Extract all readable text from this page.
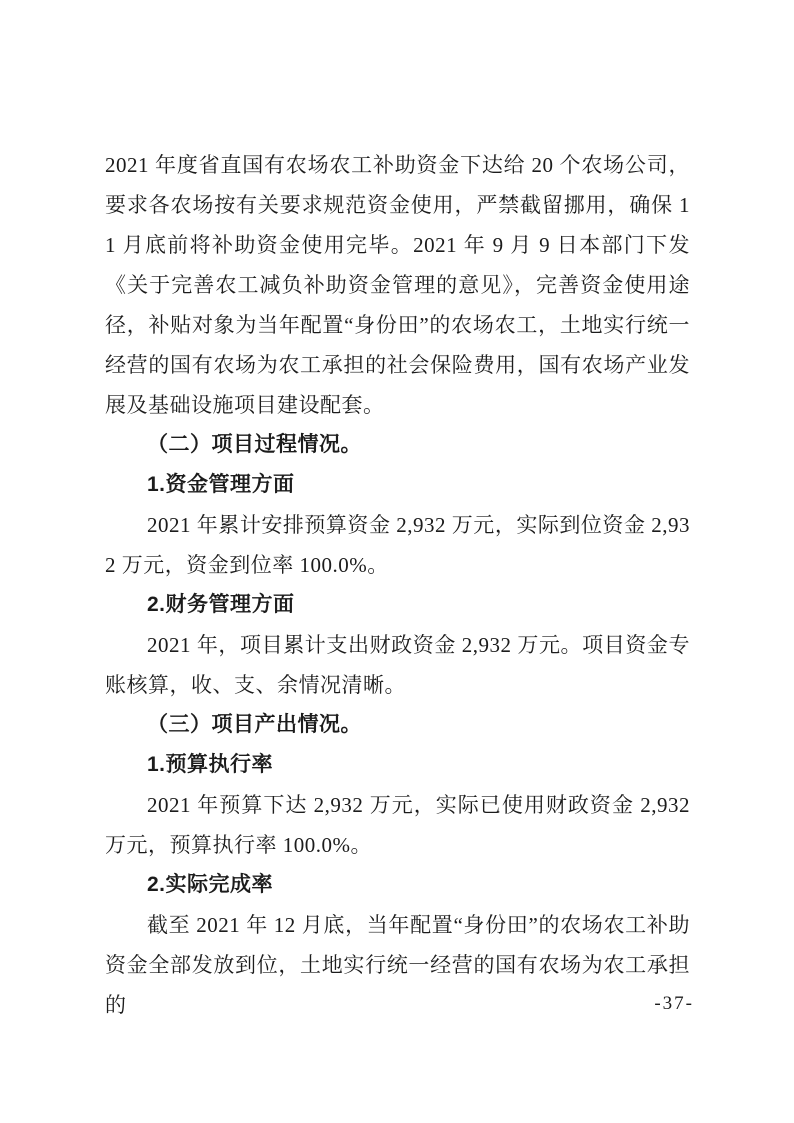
2021 年度省直国有农场农工补助资金下达给 20 个农场公司，要求各农场按有关要求规范资金使用，严禁截留挪用，确保 11 月底前将补助资金使用完毕。2021 年 9 月 9 日本部门下发《关于完善农工减负补助资金管理的意见》，完善资金使用途径，补贴对象为当年配置“身份田”的农场农工，土地实行统一经营的国有农场为农工承担的社会保险费用，国有农场产业发展及基础设施项目建设配套。

（二）项目过程情况。

1.资金管理方面

2021 年累计安排预算资金 2,932 万元，实际到位资金 2,932 万元，资金到位率 100.0%。

2.财务管理方面

2021 年，项目累计支出财政资金 2,932 万元。项目资金专账核算，收、支、余情况清晰。

（三）项目产出情况。

1.预算执行率

2021 年预算下达 2,932 万元，实际已使用财政资金 2,932 万元，预算执行率 100.0%。

2.实际完成率

截至 2021 年 12 月底，当年配置“身份田”的农场农工补助资金全部发放到位，土地实行统一经营的国有农场为农工承担的	-37-
